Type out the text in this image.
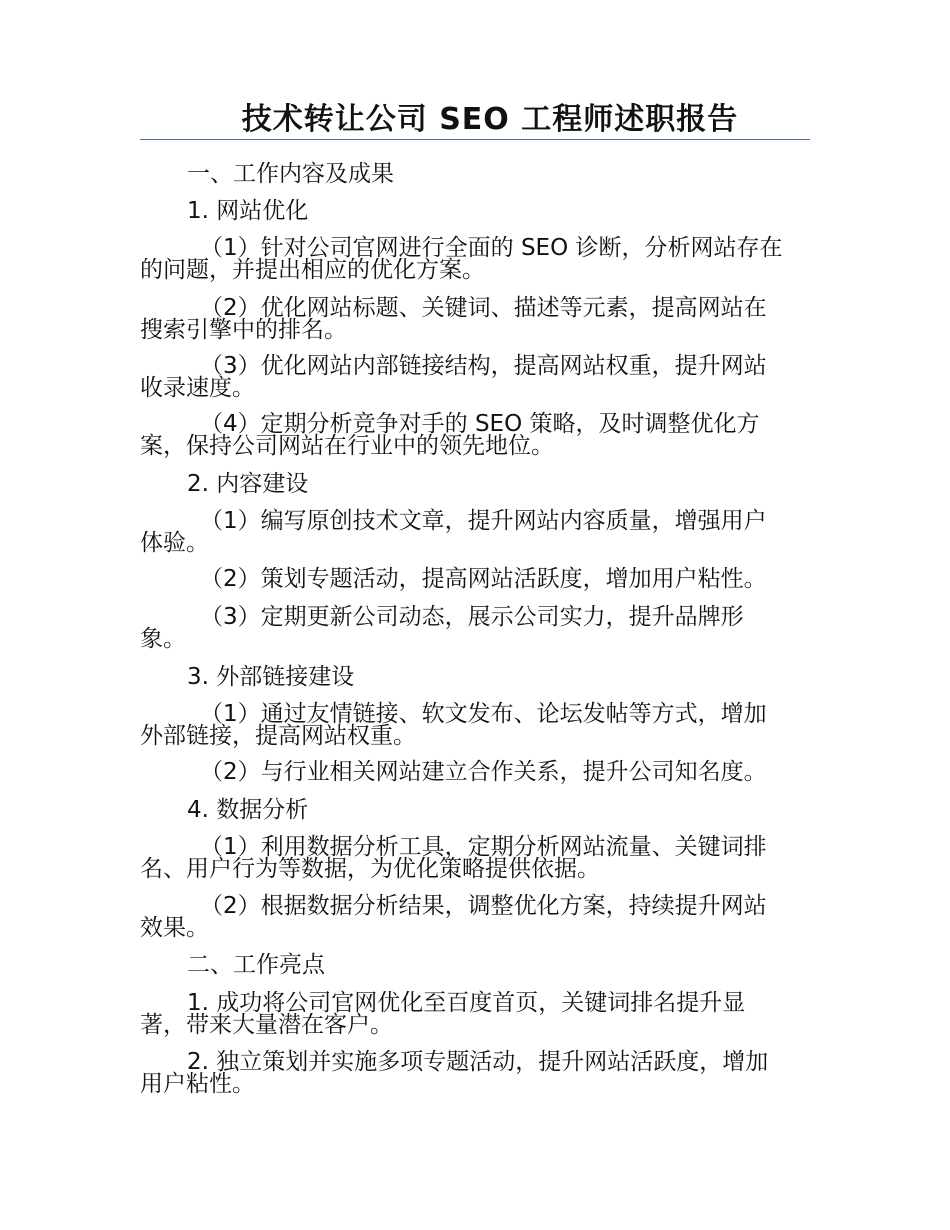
技术转让公司 SEO 工程师述职报告
一、工作内容及成果
1. 网站优化
（1）针对公司官网进行全面的 SEO 诊断，分析网站存在
的问题，并提出相应的优化方案。
（2）优化网站标题、关键词、描述等元素，提高网站在
搜索引擎中的排名。
（3）优化网站内部链接结构，提高网站权重，提升网站
收录速度。
（4）定期分析竞争对手的 SEO 策略，及时调整优化方
案，保持公司网站在行业中的领先地位。
2. 内容建设
（1）编写原创技术文章，提升网站内容质量，增强用户
体验。
（2）策划专题活动，提高网站活跃度，增加用户粘性。
（3）定期更新公司动态，展示公司实力，提升品牌形
象。
3. 外部链接建设
（1）通过友情链接、软文发布、论坛发帖等方式，增加
外部链接，提高网站权重。
（2）与行业相关网站建立合作关系，提升公司知名度。
4. 数据分析
（1）利用数据分析工具，定期分析网站流量、关键词排
名、用户行为等数据，为优化策略提供依据。
（2）根据数据分析结果，调整优化方案，持续提升网站
效果。
二、工作亮点
1. 成功将公司官网优化至百度首页，关键词排名提升显
著，带来大量潜在客户。
2. 独立策划并实施多项专题活动，提升网站活跃度，增加
用户粘性。
